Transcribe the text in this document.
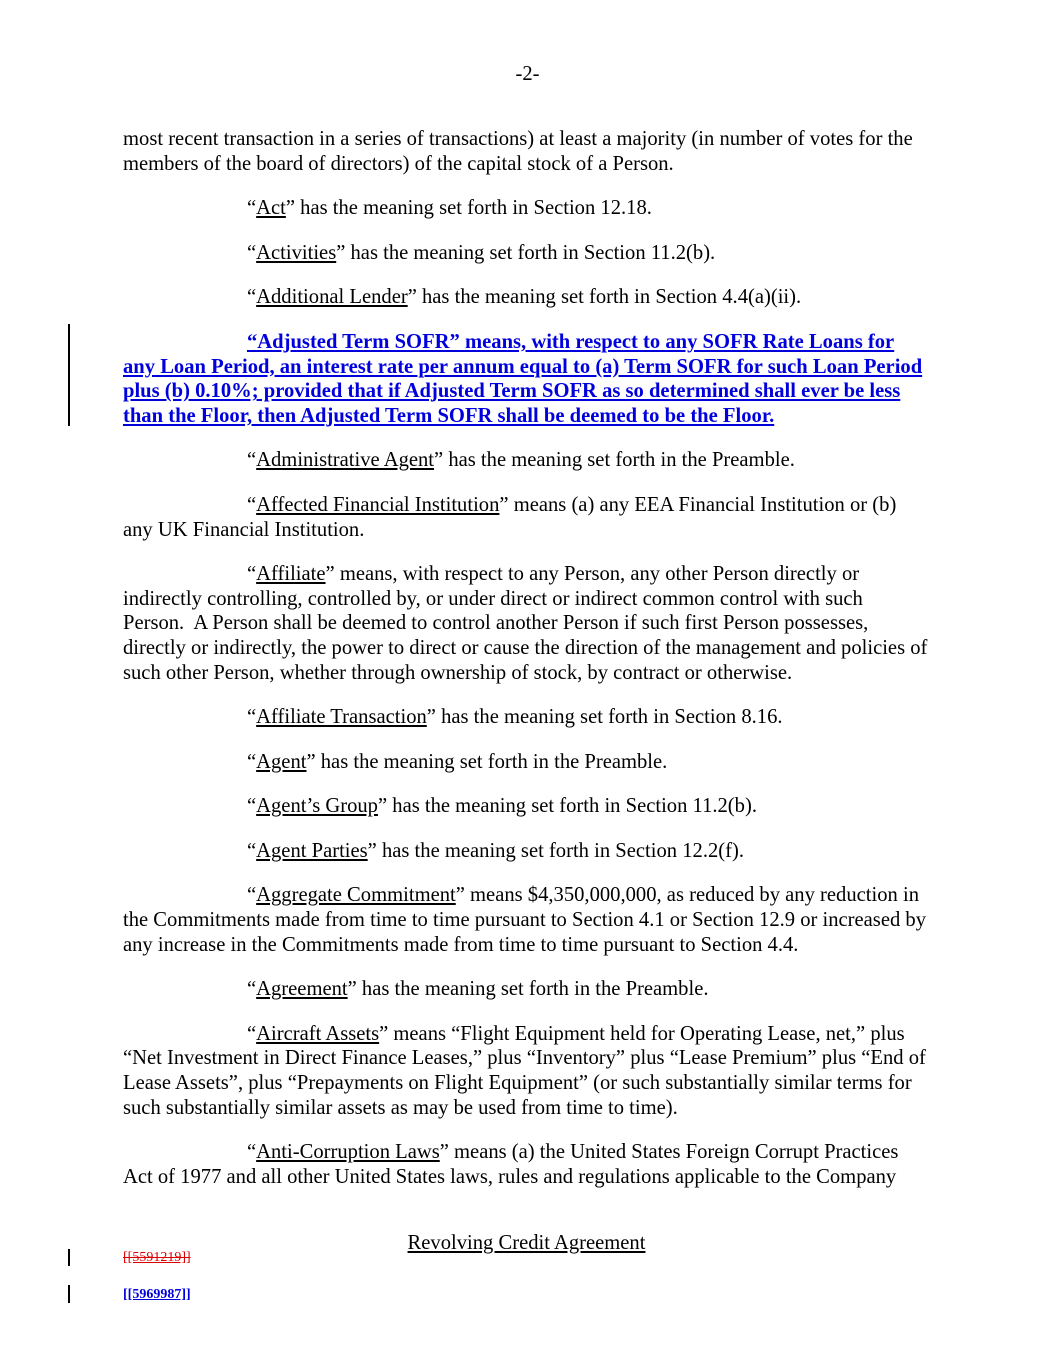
-2-

most recent transaction in a series of transactions) at least a majority (in number of votes for the members of the board of directors) of the capital stock of a Person.

“Act” has the meaning set forth in Section 12.18.

“Activities” has the meaning set forth in Section 11.2(b).

“Additional Lender” has the meaning set forth in Section 4.4(a)(ii).

“Adjusted Term SOFR” means, with respect to any SOFR Rate Loans for any Loan Period, an interest rate per annum equal to (a) Term SOFR for such Loan Period plus (b) 0.10%; provided that if Adjusted Term SOFR as so determined shall ever be less than the Floor, then Adjusted Term SOFR shall be deemed to be the Floor.

“Administrative Agent” has the meaning set forth in the Preamble.

“Affected Financial Institution” means (a) any EEA Financial Institution or (b) any UK Financial Institution.

“Affiliate” means, with respect to any Person, any other Person directly or indirectly controlling, controlled by, or under direct or indirect common control with such Person.  A Person shall be deemed to control another Person if such first Person possesses, directly or indirectly, the power to direct or cause the direction of the management and policies of such other Person, whether through ownership of stock, by contract or otherwise.

“Affiliate Transaction” has the meaning set forth in Section 8.16.

“Agent” has the meaning set forth in the Preamble.

“Agent’s Group” has the meaning set forth in Section 11.2(b).

“Agent Parties” has the meaning set forth in Section 12.2(f).

“Aggregate Commitment” means $4,350,000,000, as reduced by any reduction in the Commitments made from time to time pursuant to Section 4.1 or Section 12.9 or increased by any increase in the Commitments made from time to time pursuant to Section 4.4.

“Agreement” has the meaning set forth in the Preamble.

“Aircraft Assets” means “Flight Equipment held for Operating Lease, net,” plus “Net Investment in Direct Finance Leases,” plus “Inventory” plus “Lease Premium” plus “End of Lease Assets”, plus “Prepayments on Flight Equipment” (or such substantially similar terms for such substantially similar assets as may be used from time to time).

“Anti-Corruption Laws” means (a) the United States Foreign Corrupt Practices Act of 1977 and all other United States laws, rules and regulations applicable to the Company

Revolving Credit Agreement
[[5591219]]
[[5969987]]
